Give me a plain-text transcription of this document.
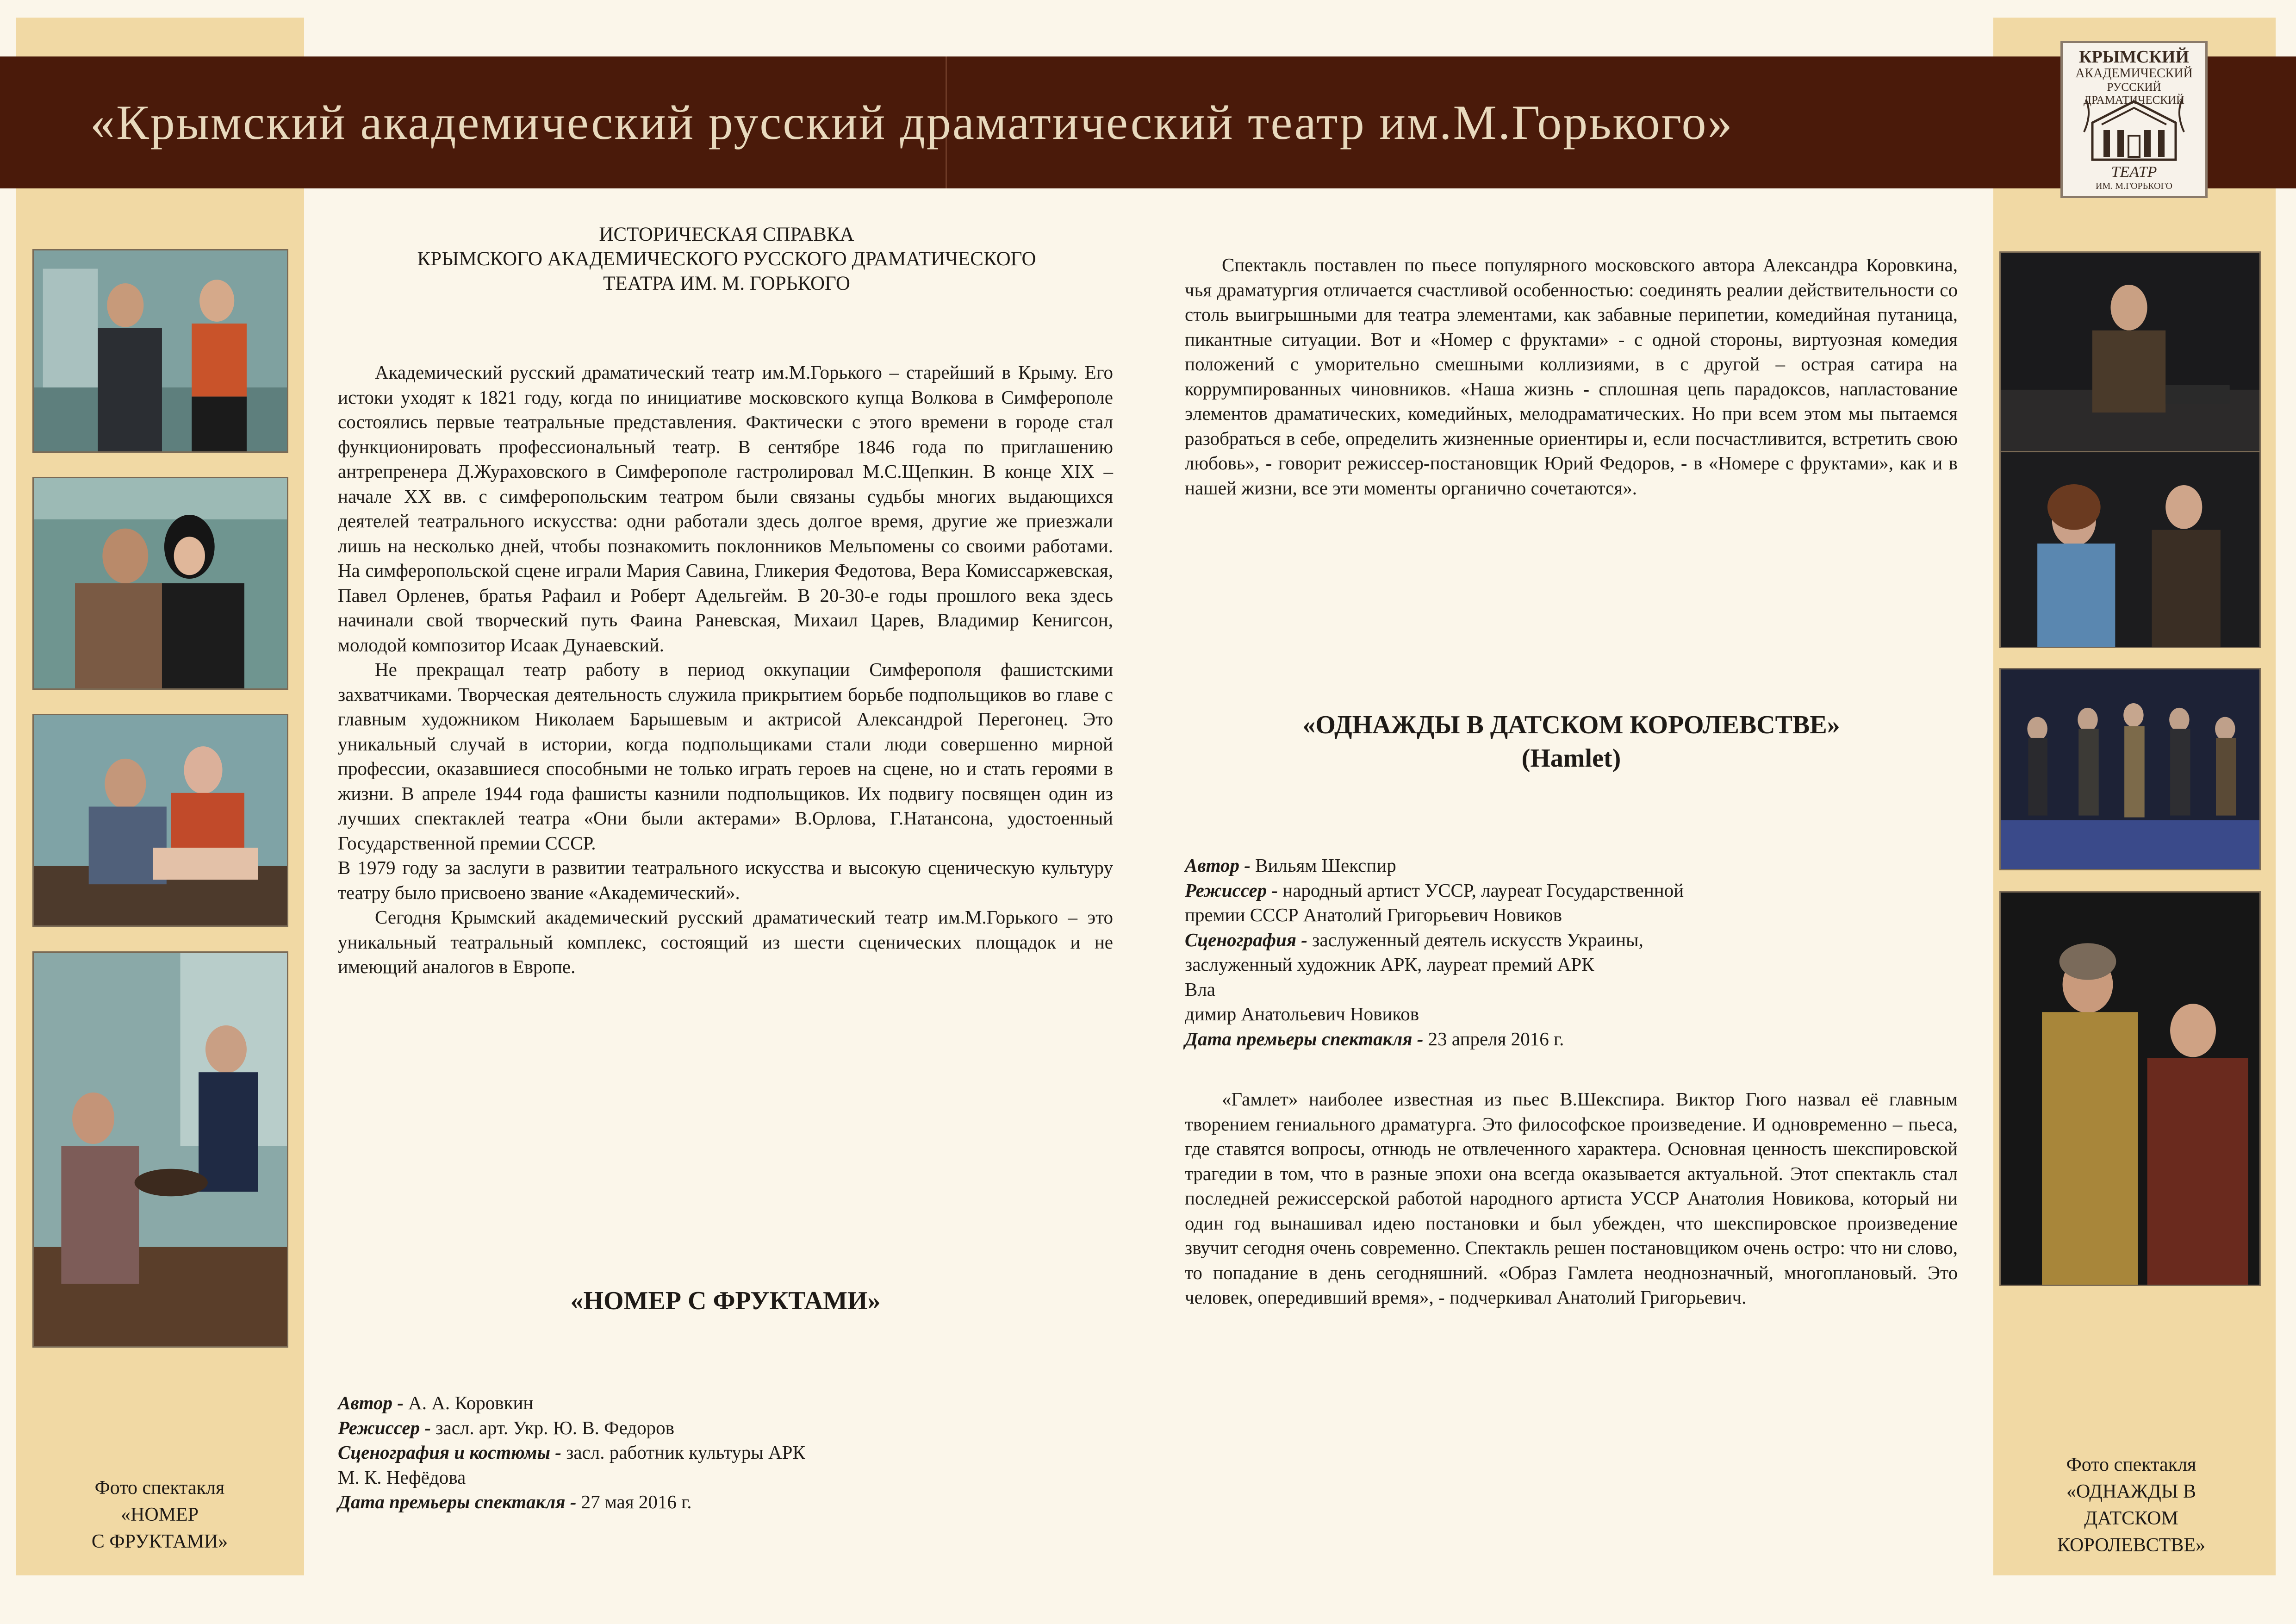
«Крымский академический русский драматический театр им.М.Горького»
КРЫМСКИЙ
АКАДЕМИЧЕСКИЙ
РУССКИЙ ДРАМАТИЧЕСКИЙ
ТЕАТР
ИМ. М.ГОРЬКОГО
Фото спектакля
«НОМЕР
С ФРУКТАМИ»
Фото спектакля
«ОДНАЖДЫ В
ДАТСКОМ
КОРОЛЕВСТВЕ»
ИСТОРИЧЕСКАЯ СПРАВКА
КРЫМСКОГО АКАДЕМИЧЕСКОГО РУССКОГО ДРАМАТИЧЕСКОГО
ТЕАТРА ИМ. М. ГОРЬКОГО

Академический русский драматический театр им.М.Горького – старейший в Крыму. Его истоки уходят к 1821 году, когда по инициативе московского купца Волкова в Симферополе состоялись первые театральные представления. Фактически с этого времени в городе стал функционировать профессиональный театр. В сентябре 1846 года по приглашению антрепренера Д.Жураховского в Симферополе гастролировал М.С.Щепкин. В конце XIX – начале XX вв. с симферопольским театром были связаны судьбы многих выдающихся деятелей театрального искусства: одни работали здесь долгое время, другие же приезжали лишь на несколько дней, чтобы познакомить поклонников Мельпомены со своими работами. На симферопольской сцене играли Мария Савина, Гликерия Федотова, Вера Комиссаржевская, Павел Орленев, братья Рафаил и Роберт Адельгейм. В 20-30-е годы прошлого века здесь начинали свой творческий путь Фаина Раневская, Михаил Царев, Владимир Кенигсон, молодой композитор Исаак Дунаевский.

Не прекращал театр работу в период оккупации Симферополя фашистскими захватчиками. Творческая деятельность служила прикрытием борьбе подпольщиков во главе с главным художником Николаем Барышевым и актрисой Александрой Перегонец. Это уникальный случай в истории, когда подпольщиками стали люди совершенно мирной профессии, оказавшиеся способными не только играть героев на сцене, но и стать героями в жизни. В апреле 1944 года фашисты казнили подпольщиков. Их подвигу посвящен один из лучших спектаклей театра «Они были актерами» В.Орлова, Г.Натансона, удостоенный Государственной премии СССР.

В 1979 году за заслуги в развитии театрального искусства и высокую сценическую культуру театру было присвоено звание «Академический».

Сегодня Крымский академический русский драматический театр им.М.Горького – это уникальный театральный комплекс, состоящий из шести сценических площадок и не имеющий аналогов в Европе.

«НОМЕР С ФРУКТАМИ»
Автор - А. А. Коровкин
Режиссер - засл. арт. Укр. Ю. В. Федоров
Сценография и костюмы - засл. работник культуры АРК
М. К. Нефёдова
Дата премьеры спектакля - 27 мая 2016 г.

Спектакль поставлен по пьесе популярного московского автора Александра Коровкина, чья драматургия отличается счастливой особенностью: соединять реалии действительности со столь выигрышными для театра элементами, как забавные перипетии, комедийная путаница, пикантные ситуации. Вот и «Номер с фруктами» - с одной стороны, виртуозная комедия положений с уморительно смешными коллизиями, в с другой – острая сатира на коррумпированных чиновников. «Наша жизнь - сплошная цепь парадоксов, напластование элементов драматических, комедийных, мелодраматических. Но при всем этом мы пытаемся разобраться в себе, определить жизненные ориентиры и, если посчастливится, встретить свою любовь», - говорит режиссер-постановщик Юрий Федоров, - в «Номере с фруктами», как и в нашей жизни, все эти моменты органично сочетаются».

«ОДНАЖДЫ В ДАТСКОМ КОРОЛЕВСТВЕ»
(Hamlet)
Автор - Вильям Шекспир
Режиссер - народный артист УССР, лауреат Государственной
премии СССР Анатолий Григорьевич Новиков
Сценография - заслуженный деятель искусств Украины,
заслуженный художник АРК, лауреат премий АРК
Вла
димир Анатольевич Новиков
Дата премьеры спектакля - 23 апреля 2016 г.

«Гамлет» наиболее известная из пьес В.Шекспира. Виктор Гюго назвал её главным творением гениального драматурга. Это философское произведение. И одновременно – пьеса, где ставятся вопросы, отнюдь не отвлеченного характера. Основная ценность шекспировской трагедии в том, что в разные эпохи она всегда оказывается актуальной. Этот спектакль стал последней режиссерской работой народного артиста УССР Анатолия Новикова, который ни один год вынашивал идею постановки и был убежден, что шекспировское произведение звучит сегодня очень современно. Спектакль решен постановщиком очень остро: что ни слово, то попадание в день сегодняшний. «Образ Гамлета неоднозначный, многоплановый. Это человек, опередивший время», - подчеркивал Анатолий Григорьевич.
